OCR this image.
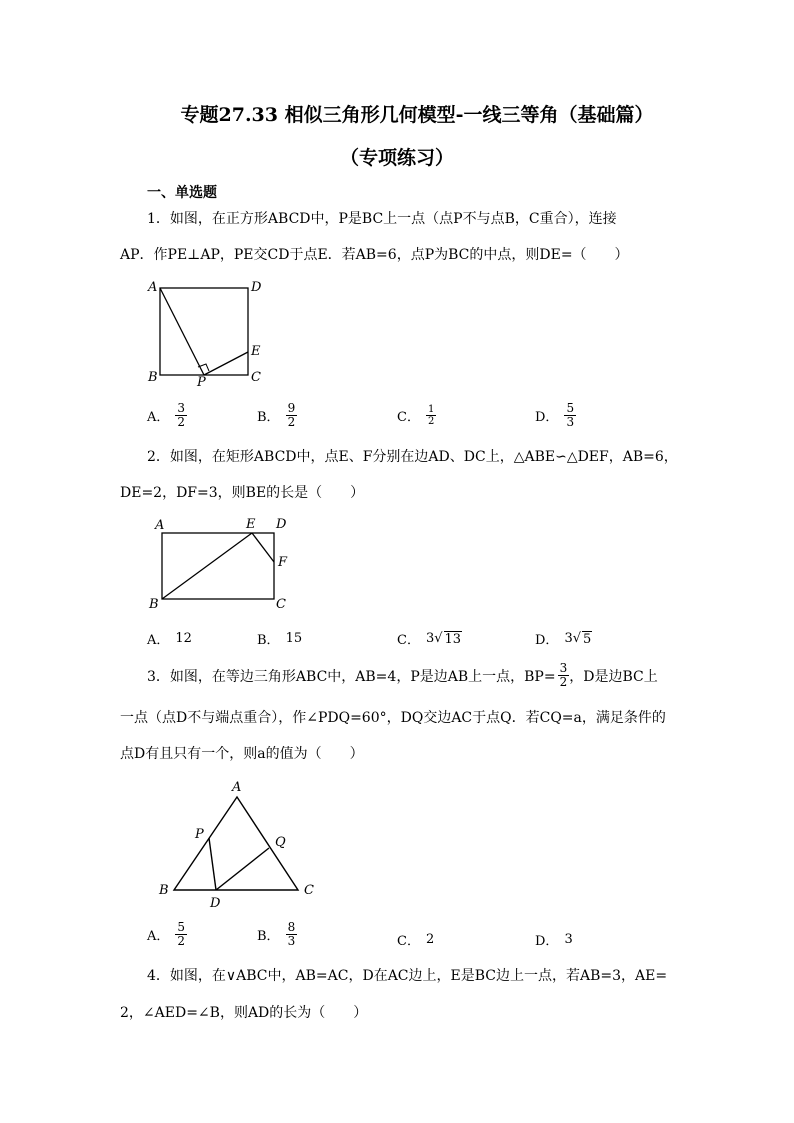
专题27.33 相似三角形几何模型-一线三等角（基础篇）
（专项练习）
一、单选题
1．如图，在正方形ABCD中，P是BC上一点（点P不与点B，C重合），连接
AP．作PE⊥AP，PE交CD于点E．若AB=6，点P为BC的中点，则DE=（　　）
A	D
B	C
E
P
A． $\frac{3}{2}$	B． $\frac{9}{2}$	C． $\frac{1}{2}$	D． $\frac{5}{3}$
2．如图，在矩形ABCD中，点E、F分别在边AD、DC上，△ABE∽△DEF，AB=6，
DE=2，DF=3，则BE的长是（　　）
A	E D
F
B	C
A． 12	B． 15	C． 3 √ 13	D． 3 √ 5
3．如图，在等边三角形ABC中，AB=4，P是边AB上一点，$BP= \frac{3}{2}$ ，D是边BC上
一点（点D不与端点重合），作∠PDQ=60°，DQ交边AC于点Q．若CQ=a，满足条件的
点D有且只有一个，则a的值为（　　）
A
P
Q
B
D
C
A． $\frac{5}{2}$	B． $\frac{8}{3}$	C． 2	D． 3
4．如图，在∨ABC中，AB=AC，D在AC边上，E是BC边上一点，若AB=3，AE=
2，∠AED=∠B，则AD的长为（　　）
